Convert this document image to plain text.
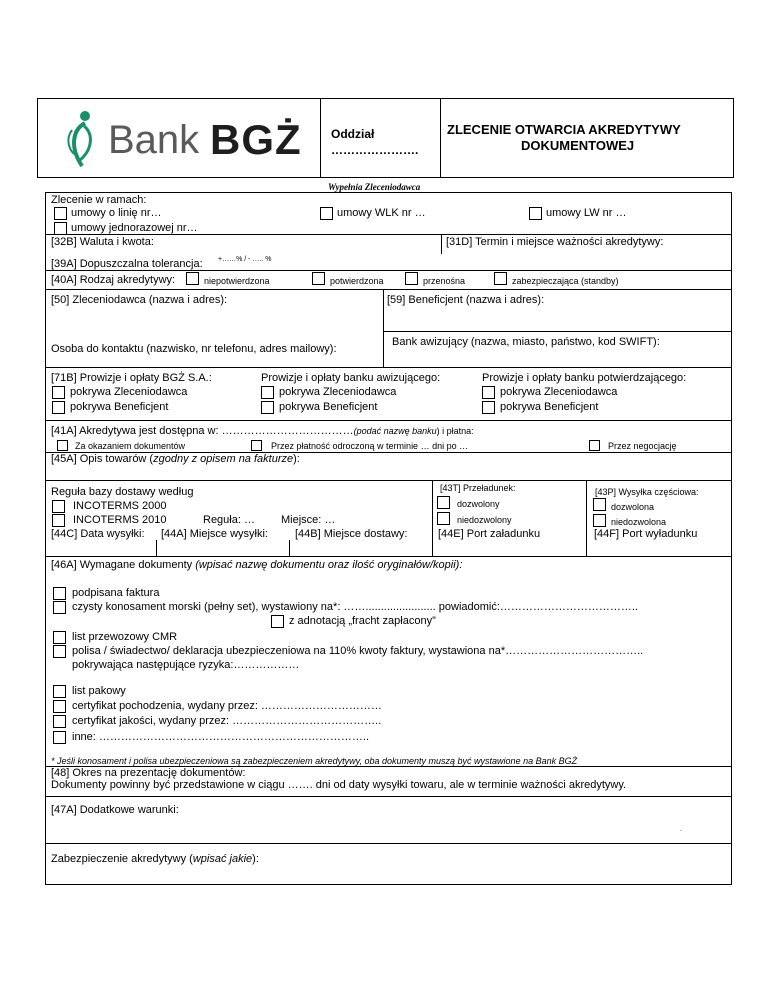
Bank BGŻ Oddział
………………….
ZLECENIE OTWARCIA AKREDYTYWY
DOKUMENTOWEJ
Wypełnia Zleceniodawca
Zlecenie w ramach:
umowy o linię nr…	umowy WLK nr …	umowy LW nr …
umowy jednorazowej nr…
[32B] Waluta i kwota:	[31D] Termin i miejsce ważności akredytywy:
[39A] Dopuszczalna tolerancja: +……% / - ….. %
[40A] Rodzaj akredytywy:	niepotwierdzona	potwierdzona	przenośna	zabezpieczająca (standby)
[50] Zleceniodawca (nazwa i adres):	[59] Beneficjent (nazwa i adres):
Bank awizujący (nazwa, miasto, państwo, kod SWIFT):
Osoba do kontaktu (nazwisko, nr telefonu, adres mailowy):
[71B] Prowizje i opłaty BGŻ S.A.:
pokrywa Zleceniodawca
pokrywa Beneficjent
Prowizje i opłaty banku awizującego:
pokrywa Zleceniodawca
pokrywa Beneficjent
Prowizje i opłaty banku potwierdzającego:
pokrywa Zleceniodawca
pokrywa Beneficjent
[41A] Akredytywa jest dostępna w: ………………………………(podać nazwę banku) i płatna:
Za okazaniem dokumentów	Przez płatność odroczoną w terminie … dni po …	Przez negocjację
[45A] Opis towarów (zgodny z opisem na fakturze):
Reguła bazy dostawy według
INCOTERMS 2000
INCOTERMS 2010	Reguła: … Miejsce: …
[43T] Przeładunek:
dozwolony
niedozwolony
[43P] Wysyłka częściowa:
dozwolona
niedozwolona
[44C] Data wysyłki: [44A] Miejsce wysyłki: [44B] Miejsce dostawy:	[44E] Port załadunku	[44F] Port wyładunku
[46A] Wymagane dokumenty (wpisać nazwę dokumentu oraz ilość oryginałów/kopii):
podpisana faktura
czysty konosament morski (pełny set), wystawiony na*: ……....................... powiadomić:………………………………..
z adnotacją „fracht zapłacony”
list przewozowy CMR
polisa / świadectwo/ deklaracja ubezpieczeniowa na 110% kwoty faktury, wystawiona na*………………………………..
pokrywająca następujące ryzyka:………………
list pakowy
certyfikat pochodzenia, wydany przez: ……………………………
certyfikat jakości, wydany przez: …………………………………..
inne: ………………………………………………………………..
* Jeśli konosament i polisa ubezpieczeniowa są zabezpieczeniem akredytywy, oba dokumenty muszą być wystawione na Bank BGŻ
[48] Okres na prezentację dokumentów:
Dokumenty powinny być przedstawione w ciągu ……. dni od daty wysyłki towaru, ale w terminie ważności akredytywy.
[47A] Dodatkowe warunki:
.
Zabezpieczenie akredytywy (wpisać jakie):
